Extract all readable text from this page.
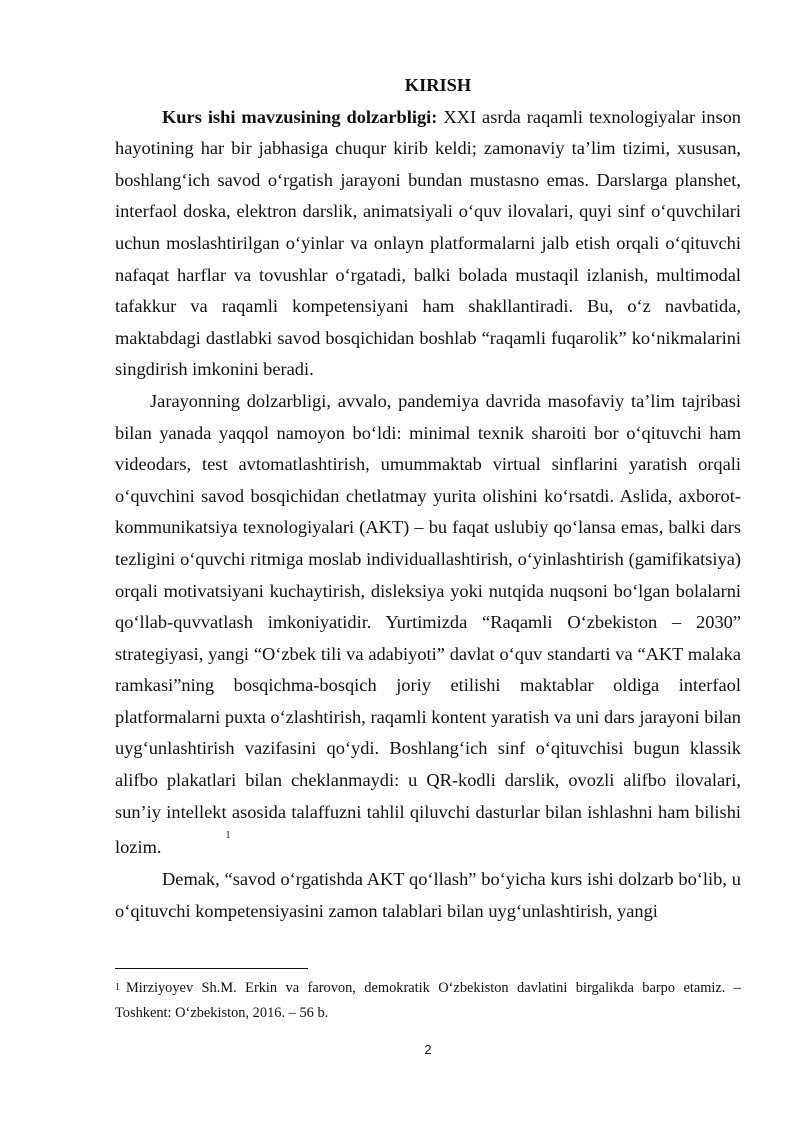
KIRISH

Kurs ishi mavzusining dolzarbligi: XXI asrda raqamli texnologiyalar inson hayotining har bir jabhasiga chuqur kirib keldi; zamonaviy ta’lim tizimi, xususan, boshlang‘ich savod o‘rgatish jarayoni bundan mustasno emas. Darslarga planshet, interfaol doska, elektron darslik, animatsiyali o‘quv ilovalari, quyi sinf o‘quvchilari uchun moslashtirilgan o‘yinlar va onlayn platformalarni jalb etish orqali o‘qituvchi nafaqat harflar va tovushlar o‘rgatadi, balki bolada mustaqil izlanish, multimodal tafakkur va raqamli kompetensiyani ham shakllantiradi. Bu, o‘z navbatida, maktabdagi dastlabki savod bosqichidan boshlab “raqamli fuqarolik” ko‘nikmalarini singdirish imkonini beradi.

Jarayonning dolzarbligi, avvalo, pandemiya davrida masofaviy ta’lim tajribasi bilan yanada yaqqol namoyon bo‘ldi: minimal texnik sharoiti bor o‘qituvchi ham videodars, test avtomatlashtirish, umummaktab virtual sinflarini yaratish orqali o‘quvchini savod bosqichidan chetlatmay yurita olishini ko‘rsatdi. Aslida, axborot-kommunikatsiya texnologiyalari (AKT) – bu faqat uslubiy qo‘lansa emas, balki dars tezligini o‘quvchi ritmiga moslab individuallashtirish, o‘yinlashtirish (gamifikatsiya) orqali motivatsiyani kuchaytirish, disleksiya yoki nutqida nuqsoni bo‘lgan bolalarni qo‘llab-quvvatlash imkoniyatidir. Yurtimizda “Raqamli O‘zbekiston – 2030” strategiyasi, yangi “O‘zbek tili va adabiyoti” davlat o‘quv standarti va “AKT malaka ramkasi”ning bosqichma-bosqich joriy etilishi maktablar oldiga interfaol platformalarni puxta o‘zlashtirish, raqamli kontent yaratish va uni dars jarayoni bilan uyg‘unlashtirish vazifasini qo‘ydi. Boshlang‘ich sinf o‘qituvchisi bugun klassik alifbo plakatlari bilan cheklanmaydi: u QR-kodli darslik, ovozli alifbo ilovalari, sun’iy intellekt asosida talaffuzni tahlil qiluvchi dasturlar bilan ishlashni ham bilishi lozim.$^1$

Demak, “savod o‘rgatishda AKT qo‘llash” bo‘yicha kurs ishi dolzarb bo‘lib, u o‘qituvchi kompetensiyasini zamon talablari bilan uyg‘unlashtirish, yangi

$^1$ Mirziyoyev Sh.M. Erkin va farovon, demokratik O‘zbekiston davlatini birgalikda barpo etamiz. – Toshkent: O‘zbekiston, 2016. – 56 b.
2
